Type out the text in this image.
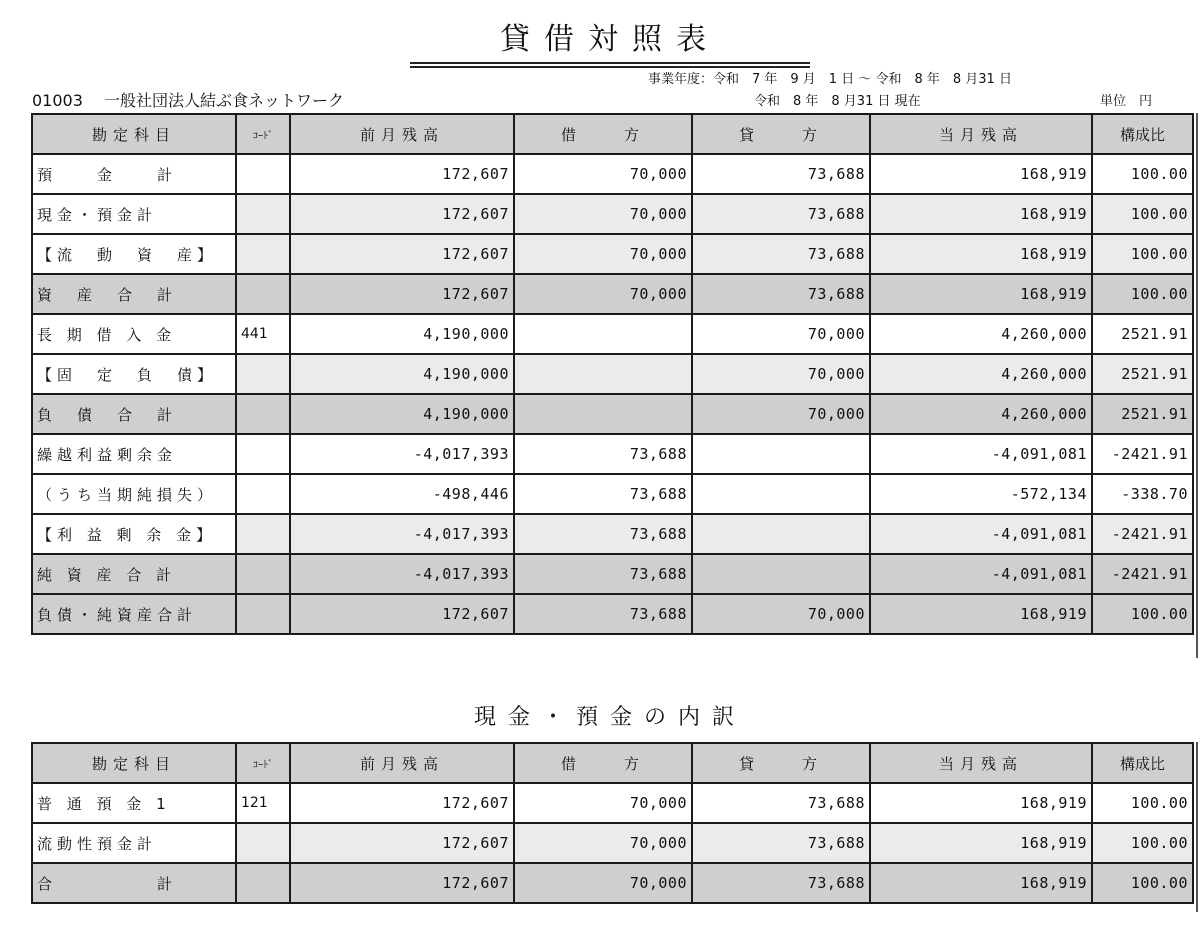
貸借対照表
事業年度：令和　7 年　9 月　1 日 ～ 令和　8 年　8 月31 日
01003　 一般社団法人結ぶ食ネットワーク	令和　8 年　8 月31 日 現在	単位　円
勘定科目	ｺｰﾄﾞ	前月残高	借　　方	貸　　方	当月残高	構成比
預　　金　　計		172,607	70,000	73,688	168,919	100.00
現金・預金計		172,607	70,000	73,688	168,919	100.00
【流　動　資　産】		172,607	70,000	73,688	168,919	100.00
資　産　合　計		172,607	70,000	73,688	168,919	100.00
長 期 借 入 金	441	4,190,000		70,000	4,260,000	2521.91
【固　定　負　債】		4,190,000		70,000	4,260,000	2521.91
負　債　合　計		4,190,000		70,000	4,260,000	2521.91
繰越利益剰余金		-4,017,393	73,688		-4,091,081	-2421.91
（うち当期純損失）		-498,446	73,688		-572,134	-338.70
【利 益 剰 余 金】		-4,017,393	73,688		-4,091,081	-2421.91
純 資 産 合 計		-4,017,393	73,688		-4,091,081	-2421.91
負債・純資産合計		172,607	73,688	70,000	168,919	100.00
現金・預金の内訳
勘定科目	ｺｰﾄﾞ	前月残高	借　　方	貸　　方	当月残高	構成比
普 通 預 金 1	121	172,607	70,000	73,688	168,919	100.00
流動性預金計		172,607	70,000	73,688	168,919	100.00
合　　　　　計		172,607	70,000	73,688	168,919	100.00
